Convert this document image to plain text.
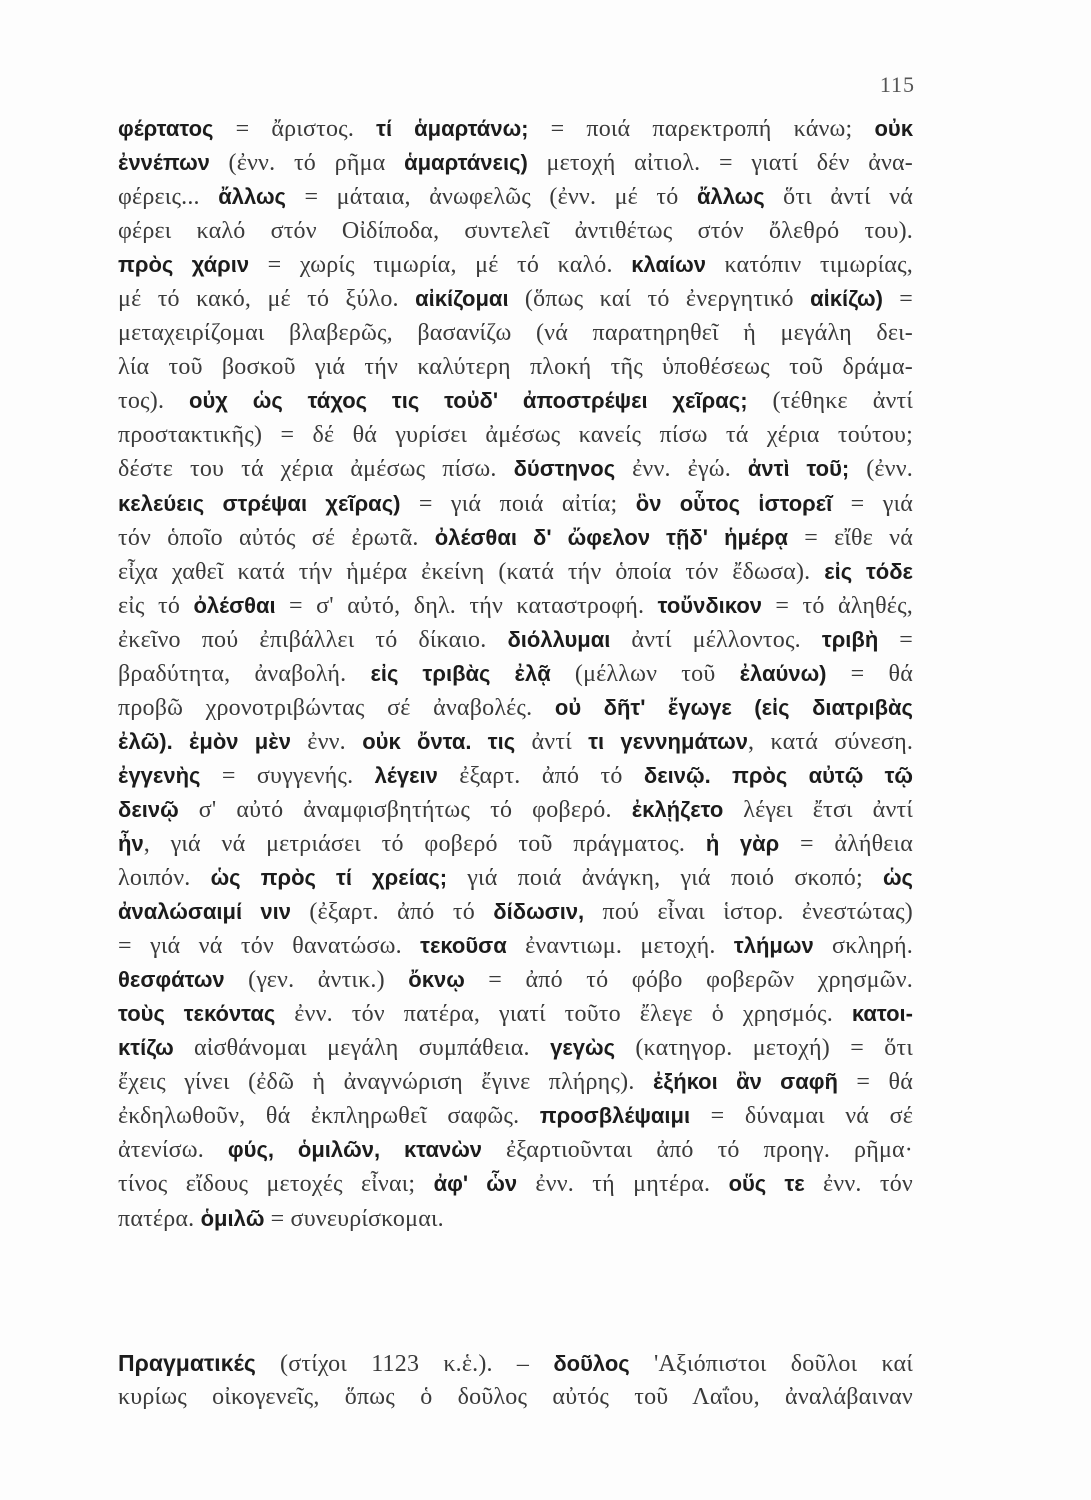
115
φέρτατος = ἄριστος. τί ἁμαρτάνω; = ποιά παρεκτροπή κάνω; οὐκ
ἐννέπων (ἐνν. τό ρῆμα ἁμαρτάνεις) μετοχή αἰτιολ. = γιατί δέν ἀνα-
φέρεις... ἄλλως = μάταια, ἀνωφελῶς (ἐνν. μέ τό ἄλλως ὅτι ἀντί νά
φέρει καλό στόν Οἰδίποδα, συντελεῖ ἀντιθέτως στόν ὄλεθρό του).
πρὸς χάριν = χωρίς τιμωρία, μέ τό καλό. κλαίων κατόπιν τιμωρίας,
μέ τό κακό, μέ τό ξύλο. αἰκίζομαι (ὅπως καί τό ἐνεργητικό αἰκίζω) =
μεταχειρίζομαι βλαβερῶς, βασανίζω (νά παρατηρηθεῖ ἡ μεγάλη δει-
λία τοῦ βοσκοῦ γιά τήν καλύτερη πλοκή τῆς ὑποθέσεως τοῦ δράμα-
τος). οὐχ ὡς τάχος τις τοὐδ' ἀποστρέψει χεῖρας; (τέθηκε ἀντί
προστακτικῆς) = δέ θά γυρίσει ἀμέσως κανείς πίσω τά χέρια τούτου;
δέστε του τά χέρια ἀμέσως πίσω. δύστηνος ἐνν. ἐγώ. ἀντὶ τοῦ; (ἐνν.
κελεύεις στρέψαι χεῖρας) = γιά ποιά αἰτία; ὃν οὗτος ἱστορεῖ = γιά
τόν ὁποῖο αὐτός σέ ἐρωτᾶ. ὀλέσθαι δ' ὤφελον τῇδ' ἡμέρᾳ = εἴθε νά
εἶχα χαθεῖ κατά τήν ἡμέρα ἐκείνη (κατά τήν ὁποία τόν ἔδωσα). εἰς τόδε
εἰς τό ὀλέσθαι = σ' αὐτό, δηλ. τήν καταστροφή. τοὔνδικον = τό ἀληθές,
ἐκεῖνο πού ἐπιβάλλει τό δίκαιο. διόλλυμαι ἀντί μέλλοντος. τριβὴ =
βραδύτητα, ἀναβολή. εἰς τριβὰς ἐλᾷ (μέλλων τοῦ ἐλαύνω) = θά
προβῶ χρονοτριβώντας σέ ἀναβολές. οὐ δῆτ' ἔγωγε (εἰς διατριβὰς
ἐλῶ). ἐμὸν μὲν ἐνν. οὐκ ὄντα. τις ἀντί τι γεννημάτων, κατά σύνεση.
ἐγγενὴς = συγγενής. λέγειν ἐξαρτ. ἀπό τό δεινῷ. πρὸς αὐτῷ τῷ
δεινῷ σ' αὐτό ἀναμφισβητήτως τό φοβερό. ἐκλῄζετο λέγει ἔτσι ἀντί
ἦν, γιά νά μετριάσει τό φοβερό τοῦ πράγματος. ἡ γὰρ = ἀλήθεια
λοιπόν. ὡς πρὸς τί χρείας; γιά ποιά ἀνάγκη, γιά ποιό σκοπό; ὡς
ἀναλώσαιμί νιν (ἐξαρτ. ἀπό τό δίδωσιν, πού εἶναι ἱστορ. ἐνεστώτας)
= γιά νά τόν θανατώσω. τεκοῦσα ἐναντιωμ. μετοχή. τλήμων σκληρή.
θεσφάτων (γεν. ἀντικ.) ὄκνῳ = ἀπό τό φόβο φοβερῶν χρησμῶν.
τοὺς τεκόντας ἐνν. τόν πατέρα, γιατί τοῦτο ἔλεγε ὁ χρησμός. κατοι-
κτίζω αἰσθάνομαι μεγάλη συμπάθεια. γεγὼς (κατηγορ. μετοχή) = ὅτι
ἔχεις γίνει (ἐδῶ ἡ ἀναγνώριση ἔγινε πλήρης). ἐξήκοι ἂν σαφῆ = θά
ἐκδηλωθοῦν, θά ἐκπληρωθεῖ σαφῶς. προσβλέψαιμι = δύναμαι νά σέ
ἀτενίσω. φύς, ὁμιλῶν, κτανὼν ἐξαρτιοῦνται ἀπό τό προηγ. ρῆμα·
τίνος εἴδους μετοχές εἶναι; ἀφ' ὧν ἐνν. τή μητέρα. οὕς τε ἐνν. τόν
πατέρα. ὁμιλῶ = συνευρίσκομαι.
Πραγματικές (στίχοι 1123 κ.ἑ.). – δοῦλος 'Αξιόπιστοι δοῦλοι καί
κυρίως οἰκογενεῖς, ὅπως ὁ δοῦλος αὐτός τοῦ Λαΐου, ἀναλάβαιναν
